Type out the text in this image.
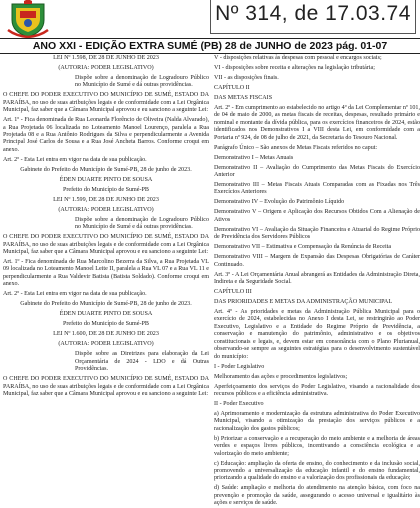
Nº 314, de 17.03.74
ANO XXI - EDIÇÃO EXTRA SUMÉ (PB) 28 de JUNHO de 2023 pág. 01-07

LEI Nº 1.598, DE 28 DE JUNHO DE 2023

(AUTORIA: PODER LEGISLATIVO)

Dispõe sobre a denominação de Logradouro Público no Município de Sumé e dá outras providências.

O CHEFE DO PODER EXECUTIVO DO MUNICÍPIO DE SUMÉ, ESTADO DA PARAÍBA, no uso de suas atribuições legais e de conformidade com a Lei Orgânica Municipal, faz saber que a Câmara Municipal aprovou e eu sanciono a seguinte Lei:

Art. 1º - Fica denominada de Rua Leonarda Florêncio de Oliveira (Nalda Alvarado), a Rua Projetada 06 localizada no Loteamento Manoel Lourenço, paralela a Rua Projetada 08 e a Rua Antônio Rodrigues da Silva e perpendicularmente a Avenida Principal José Carlos de Sousa e a Rua José Ancheta Barros. Conforme croqui em anexo.

Art. 2º - Esta Lei entra em vigor na data de sua publicação.

Gabinete do Prefeito do Município de Sumé-PB, 28 de junho de 2023.

ÉDEN DUARTE PINTO DE SOUSA

Prefeito do Município de Sumé-PB

LEI Nº 1.599, DE 28 DE JUNHO DE 2023

(AUTORIA: PODER LEGISLATIVO)

Dispõe sobre a denominação de Logradouro Público no Município de Sumé e dá outras providências.

O CHEFE DO PODER EXECUTIVO DO MUNICÍPIO DE SUMÉ, ESTADO DA PARAÍBA, no uso de suas atribuições legais e de conformidade com a Lei Orgânica Municipal, faz saber que a Câmara Municipal aprovou e eu sanciono a seguinte Lei:

Art. 1º - Fica denominada de Rua Marcolino Bezerra da Silva, a Rua Projetada VL 09 localizada no Loteamento Manoel Leite II, paralela a Rua VL 07 e a Rua VL 11 e perpendicularmente a Rua Valdevir Batista (Batista Soldado). Conforme croqui em anexo.

Art. 2º - Esta Lei entra em vigor na data de sua publicação.

Gabinete do Prefeito do Município de Sumé-PB, 28 de junho de 2023.

ÉDEN DUARTE PINTO DE SOUSA

Prefeito do Município de Sumé-PB

LEI Nº 1.600, DE 28 DE JUNHO DE 2023

(AUTORIA: PODER LEGISLATIVO)

Dispõe sobre as Diretrizes para elaboração da Lei Orçamentária de 2024 - LDO e dá Outras Providências.

O CHEFE DO PODER EXECUTIVO DO MUNICÍPIO DE SUMÉ, ESTADO DA PARAÍBA, no uso de suas atribuições legais e de conformidade com a Lei Orgânica Municipal, faz saber que a Câmara Municipal aprovou e eu sanciono a seguinte Lei:

V - disposições relativas às despesas com pessoal e encargos sociais;

VI - disposições sobre receita e alterações na legislação tributária;

VII - as disposições finais.

CAPÍTULO II

DAS METAS FISCAIS

Art. 2º - Em cumprimento ao estabelecido no artigo 4º da Lei Complementar nº 101, de 04 de maio de 2000, as metas fiscais de receitas, despesas, resultado primário e nominal e montante da dívida pública, para os exercícios financeiros de 2024, estão identificados nos Demonstrativos I a VIII desta Lei, em conformidade com a Portaria nº 924, de 08 de julho de 2021, da Secretaria do Tesouro Nacional.

Parágrafo Único – São anexos de Metas Fiscais referidos no caput:

Demonstrativo I – Metas Anuais

Demonstrativo II – Avaliação do Cumprimento das Metas Fiscais do Exercício Anterior

Demonstrativo III – Metas Fiscais Atuais Comparadas com as Fixadas nos Três Exercícios Anteriores

Demonstrativo IV – Evolução do Patrimônio Líquido

Demonstrativo V – Origem e Aplicação dos Recursos Obtidos Com a Alienação de Ativos

Demonstrativo VI – Avaliação da Situação Financeira e Atuarial do Regime Próprio de Previdência dos Servidores Públicos

Demonstrativo VII – Estimativa e Compensação da Renúncia de Receita

Demonstrativo VIII – Margem de Expansão das Despesas Obrigatórias de Caráter Continuado.

Art. 3º - A Lei Orçamentária Anual abrangerá as Entidades da Administração Direta, Indireta e da Seguridade Social.

CAPÍTULO III

DAS PRIORIDADES E METAS DA ADMINISTRAÇÃO MUNICIPAL

Art. 4º - As prioridades e metas da Administração Pública Municipal para o exercício de 2024, estabelecidas no Anexo I desta Lei, se restringirão ao Poder Executivo, Legislativo e a Entidade do Regime Próprio de Previdência, a conservação e manutenção do patrimônio, administrativo e os objetivos constitucionais e legais, e, devem estar em consonância com o Plano Plurianual, observando-se sempre as seguintes estratégias para o desenvolvimento sustentável do município:

I - Poder Legislativo

Melhoramento das ações e procedimentos legislativos;

Aperfeiçoamento dos serviços do Poder Legislativo, visando a racionalidade dos recursos públicos e a eficiência administrativa.

II - Poder Executivo

a) Aprimoramento e modernização da estrutura administrativa do Poder Executivo Municipal, visando a otimização da prestação dos serviços públicos e a racionalização dos gastos públicos;

b) Priorizar a conservação e a recuperação do meio ambiente e a melhoria de áreas verdes e espaços livres públicos, incentivando a consciência ecológica e a valorização do meio ambiente;

c) Educação: ampliação da oferta de ensino, do conhecimento e da inclusão social, promovendo a universalização da educação infantil e do ensino fundamental, priorizando a qualidade do ensino e a valorização dos profissionais da educação;

d) Saúde: ampliação e melhoria do atendimento na atenção básica, com foco na prevenção e promoção da saúde, assegurando o acesso universal e igualitário às ações e serviços de saúde.
